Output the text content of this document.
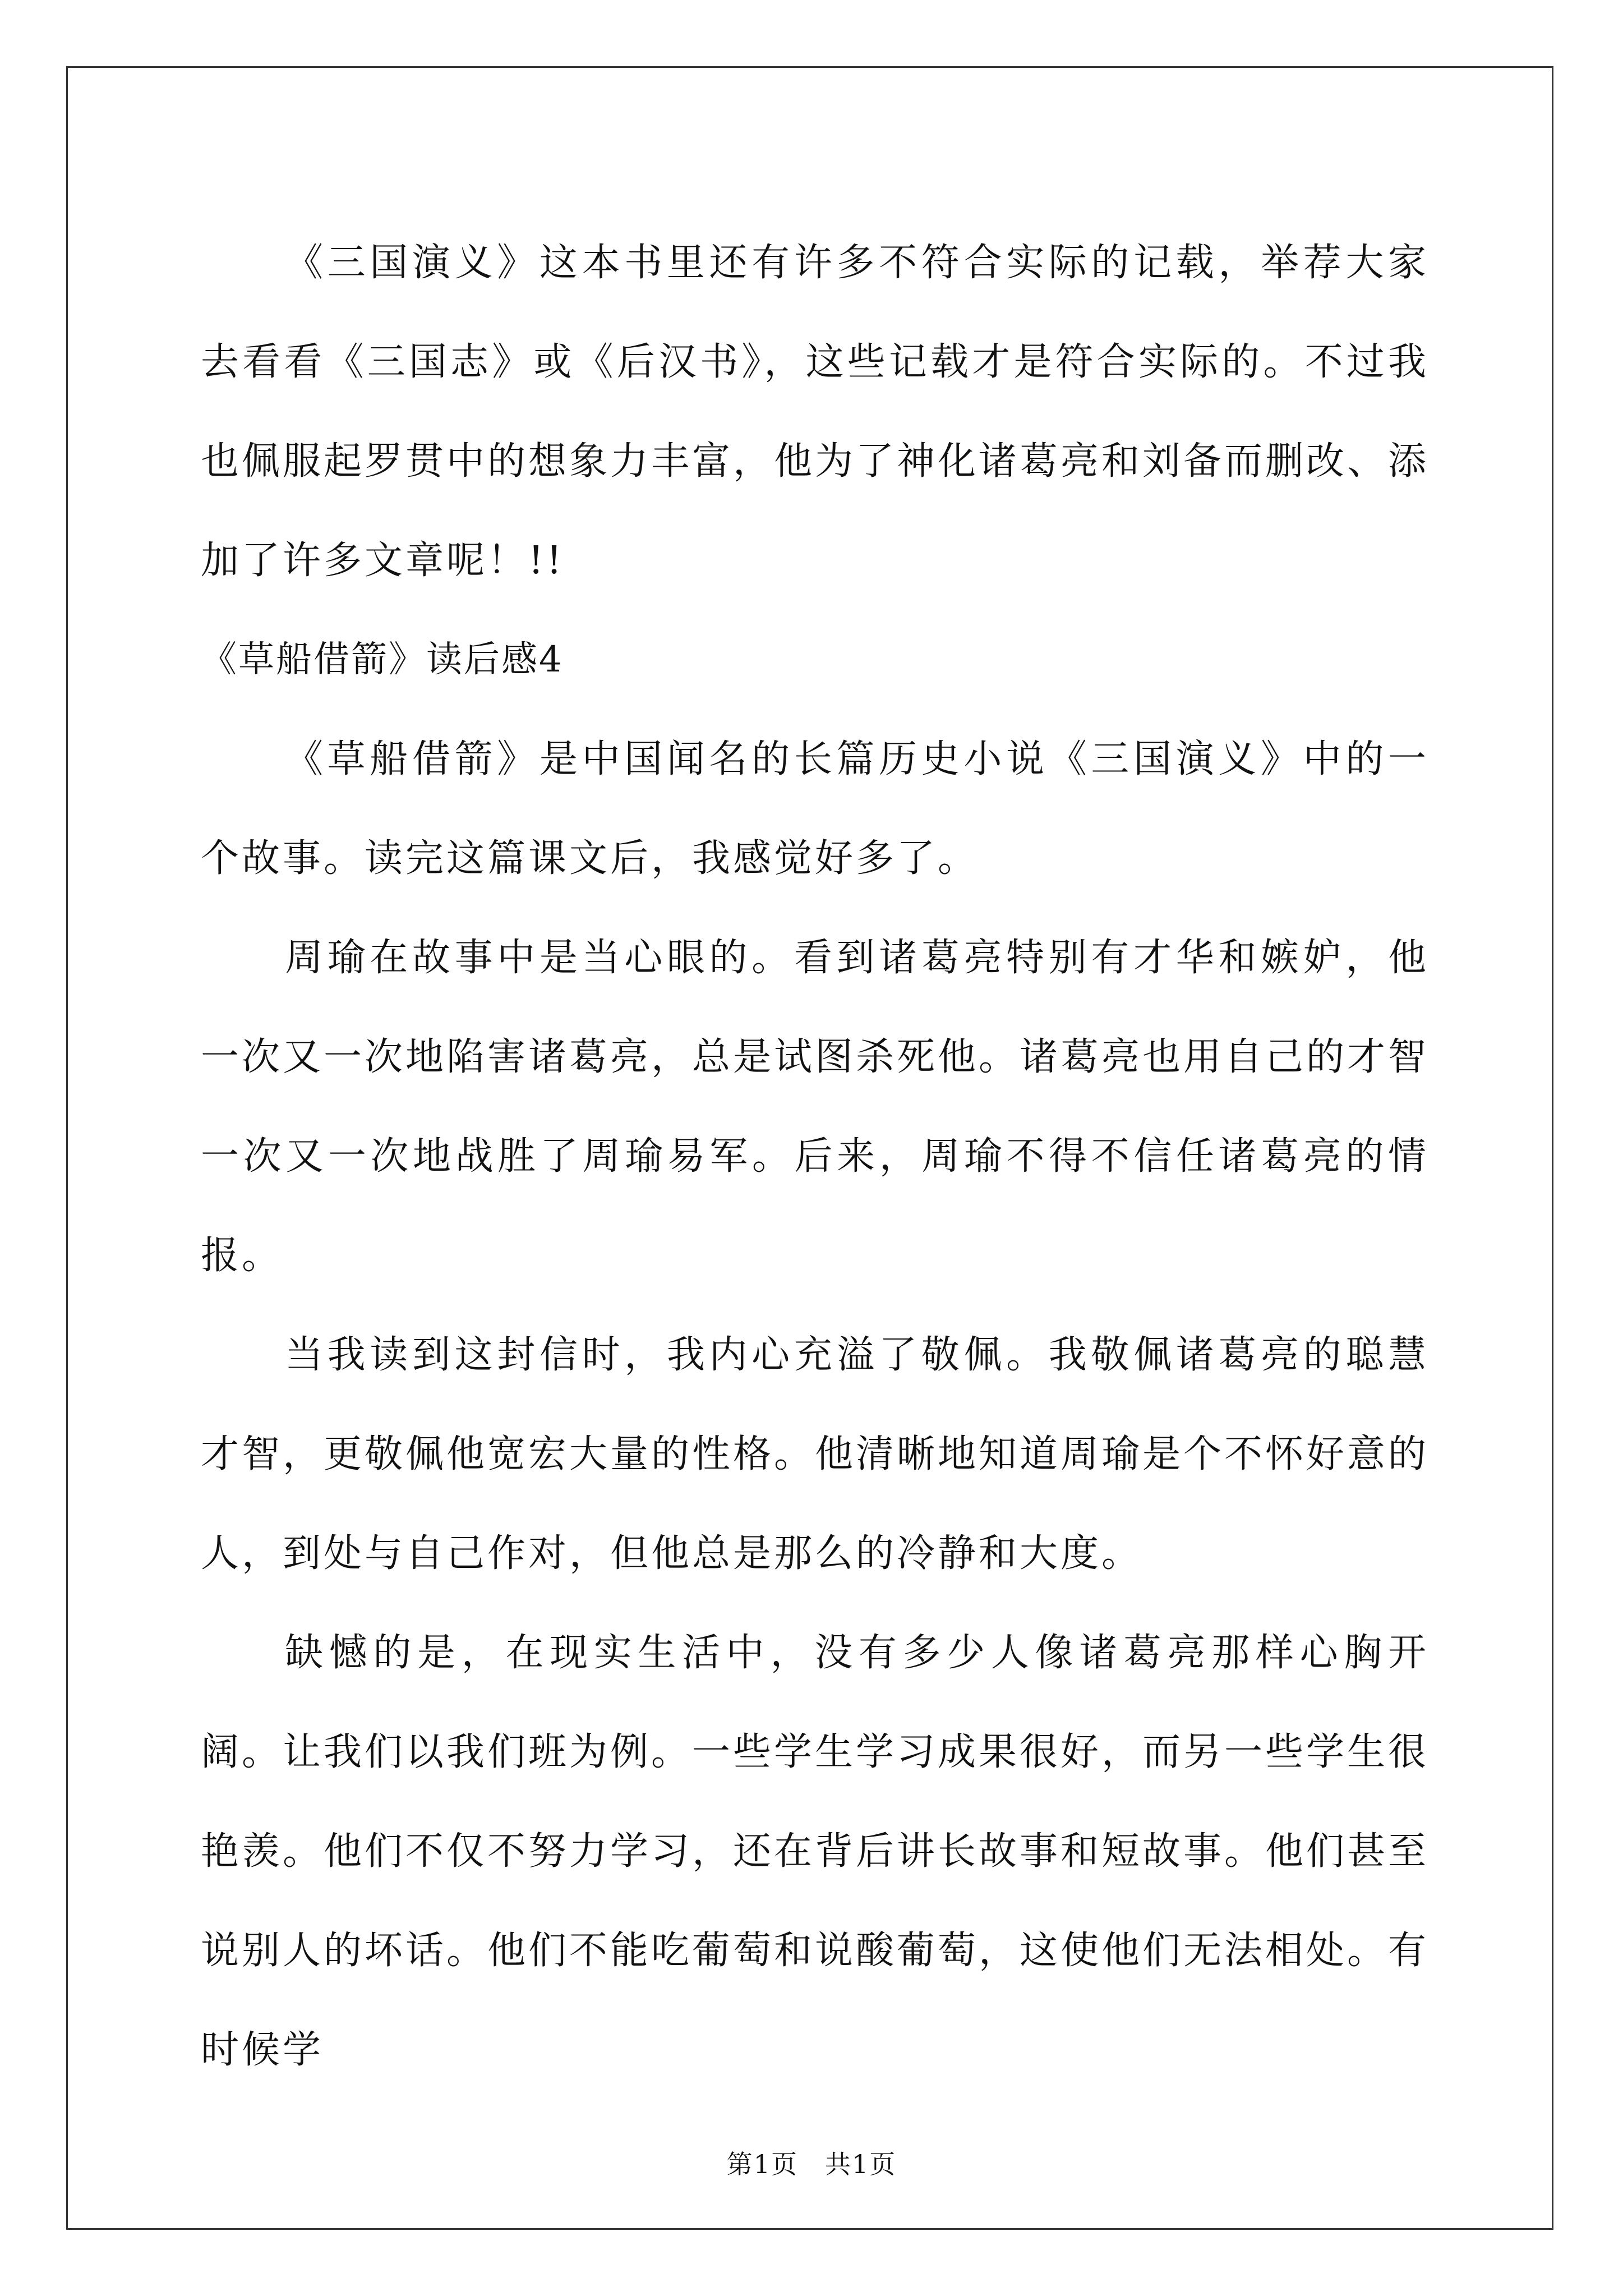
《三国演义》这本书里还有许多不符合实际的记载，举荐大家去看看《三国志》或《后汉书》，这些记载才是符合实际的。不过我也佩服起罗贯中的想象力丰富，他为了神化诸葛亮和刘备而删改、添加了许多文章呢！!!

《草船借箭》读后感4

《草船借箭》是中国闻名的长篇历史小说《三国演义》中的一个故事。读完这篇课文后，我感觉好多了。

周瑜在故事中是当心眼的。看到诸葛亮特别有才华和嫉妒，他一次又一次地陷害诸葛亮，总是试图杀死他。诸葛亮也用自己的才智一次又一次地战胜了周瑜易军。后来，周瑜不得不信任诸葛亮的情报。

当我读到这封信时，我内心充溢了敬佩。我敬佩诸葛亮的聪慧才智，更敬佩他宽宏大量的性格。他清晰地知道周瑜是个不怀好意的人，到处与自己作对，但他总是那么的冷静和大度。

缺憾的是，在现实生活中，没有多少人像诸葛亮那样心胸开阔。让我们以我们班为例。一些学生学习成果很好，而另一些学生很艳羡。他们不仅不努力学习，还在背后讲长故事和短故事。他们甚至说别人的坏话。他们不能吃葡萄和说酸葡萄，这使他们无法相处。有时候学

第1页　共1页
